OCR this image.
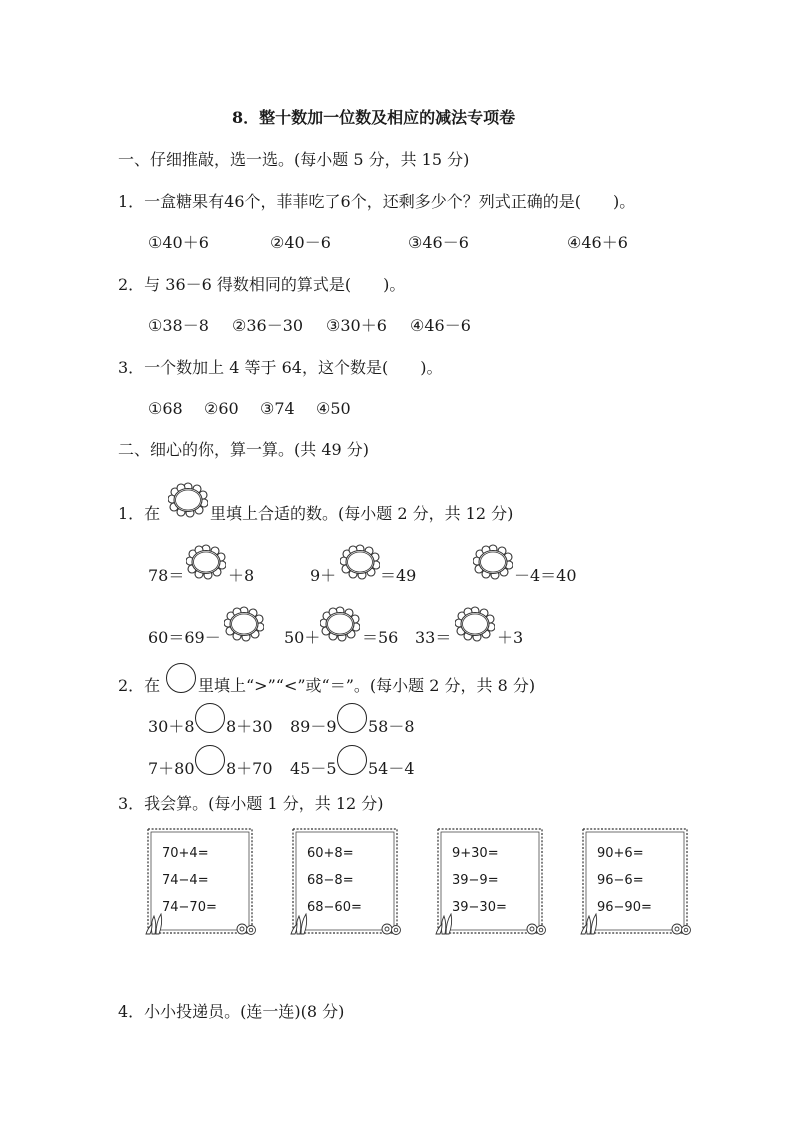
8．整十数加一位数及相应的减法专项卷
一、仔细推敲，选一选。(每小题 5 分，共 15 分)
1．一盒糖果有46个，菲菲吃了6个，还剩多少个？列式正确的是(　　)。
①40＋6	②40－6	③46－6	④46＋6
2．与 36－6 得数相同的算式是(　　)。
①38－8 ②36－30 ③30＋6 ④46－6
3．一个数加上 4 等于 64，这个数是(　　)。
①68 ②60 ③74 ④50
二、细心的你，算一算。(共 49 分)
1．在	里填上合适的数。(每小题 2 分，共 12 分)
78＝	＋8	9＋	＝49	－4＝40
60＝69－	50＋	＝56 33＝	＋3
2．在 里填上“>”“<”或“＝”。(每小题 2 分，共 8 分)
30＋8 8＋30 89－9 58－8
7＋80 8＋70 45－5 54－4
3．我会算。(每小题 1 分，共 12 分)
70+4=
74−4=
74−70=
60+8=
68−8=
68−60=
9+30=
39−9=
39−30=
90+6=
96−6=
96−90=
4．小小投递员。(连一连)(8 分)
